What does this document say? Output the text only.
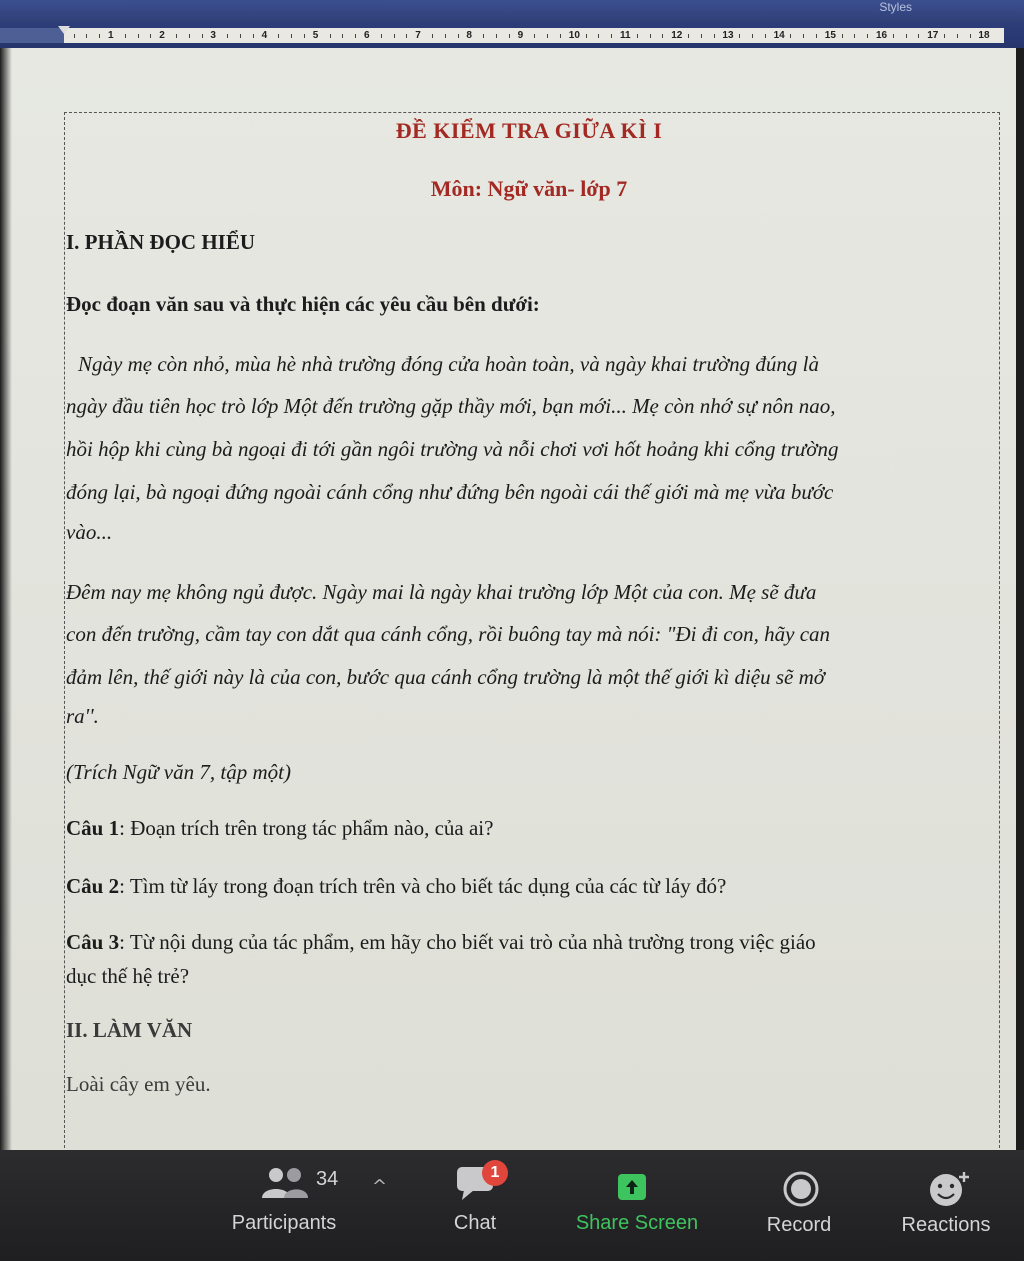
Styles
1	2	3	4	5	6	7	8	9	10	11	12	13	14	15	16	17	18
ĐỀ KIỂM TRA GIỮA KÌ I
Môn: Ngữ văn- lớp 7
I. PHẦN ĐỌC HIỂU
Đọc đoạn văn sau và thực hiện các yêu cầu bên dưới:
Ngày mẹ còn nhỏ, mùa hè nhà trường đóng cửa hoàn toàn, và ngày khai trường đúng là
ngày đầu tiên học trò lớp Một đến trường gặp thầy mới, bạn mới... Mẹ còn nhớ sự nôn nao,
hồi hộp khi cùng bà ngoại đi tới gần ngôi trường và nỗi chơi vơi hốt hoảng khi cổng trường
đóng lại, bà ngoại đứng ngoài cánh cổng như đứng bên ngoài cái thế giới mà mẹ vừa bước
vào...
Đêm nay mẹ không ngủ được. Ngày mai là ngày khai trường lớp Một của con. Mẹ sẽ đưa
con đến trường, cầm tay con dắt qua cánh cổng, rồi buông tay mà nói: "Đi đi con, hãy can
đảm lên, thế giới này là của con, bước qua cánh cổng trường là một thế giới kì diệu sẽ mở
ra''.
(Trích Ngữ văn 7, tập một)
Câu 1: Đoạn trích trên trong tác phẩm nào, của ai?
Câu 2: Tìm từ láy trong đoạn trích trên và cho biết tác dụng của các từ láy đó?
Câu 3: Từ nội dung của tác phẩm, em hãy cho biết vai trò của nhà trường trong việc giáo
dục thế hệ trẻ?
II. LÀM VĂN
Loài cây em yêu.
Participants
34 ^
Chat
1
Share Screen	Record	Reactions
